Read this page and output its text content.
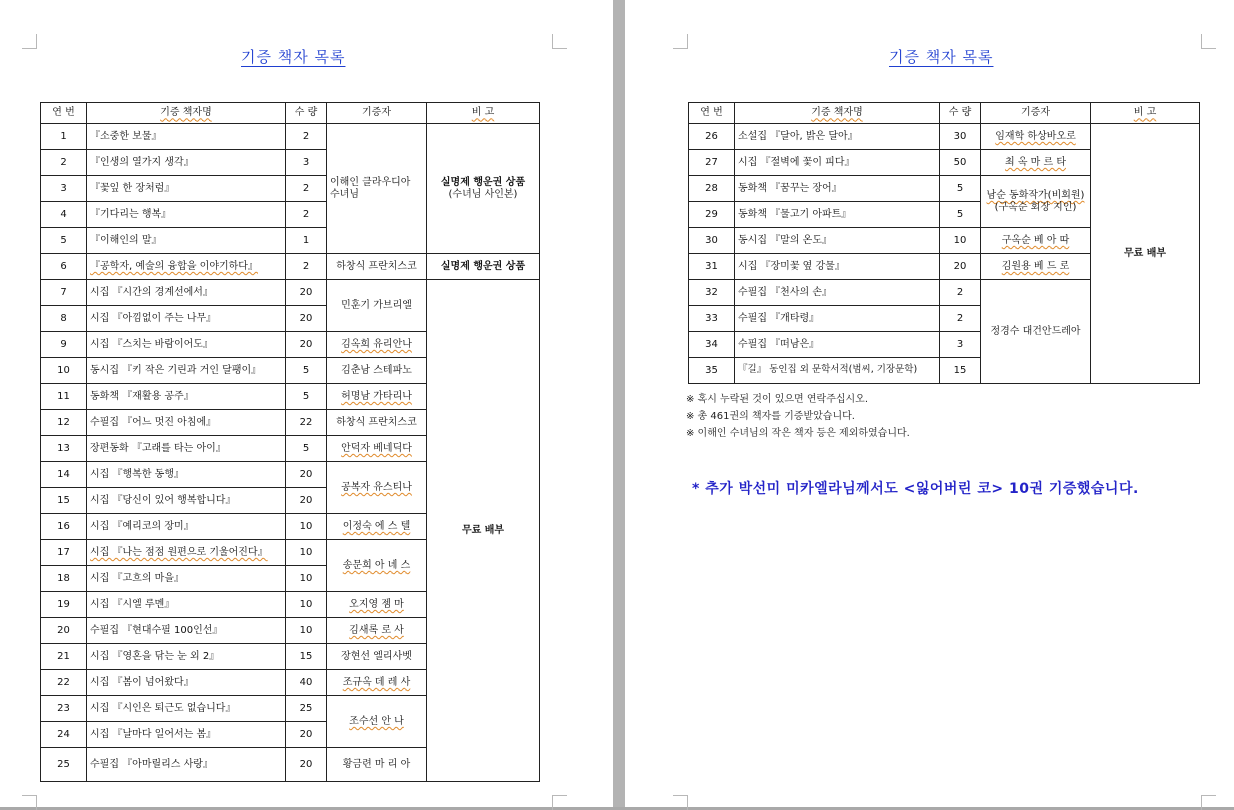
기증 책자 목록
연 번	기증 책자명	수 량	기증자	비 고
1	『소중한 보물』	2	이해인 클라우디아 수녀님	실명제 행운권 상품
(수녀님 사인본)

2	『인생의 열가지 생각』	3		
3	『꽃잎 한 장처럼』	2		
4	『기다리는 행복』	2		
5	『이해인의 말』	1		
6	『공학자, 예술의 융합을 이야기하다』	2	하창식 프란치스코	실명제 행운권 상품
7	시집 『시간의 경계선에서』	20	민훈기 가브리엘	무료 배부
8	시집 『아낌없이 주는 나무』	20		
9	시집 『스치는 바람이어도』	20	김옥희 유리안나	
10	동시집 『키 작은 기린과 거인 달팽이』	5	김춘남 스테파노	
11	동화책 『재활용 공주』	5	허명남 가타리나	
12	수필집 『어느 멋진 아침에』	22	하창식 프란치스코	
13	장편동화 『고래를 타는 아이』	5	안덕자 베네딕다	
14	시집 『행복한 동행』	20	공복자 유스티나	
15	시집 『당신이 있어 행복합니다』	20		
16	시집 『예리코의 장미』	10	이정숙 에 스 텔	
17	시집 『나는 점점 원편으로 기울어진다』	10	송문희 아 녜 스	
18	시집 『고흐의 마을』	10		
19	시집 『시엘 루멘』	10	오지영 젬 마	
20	수필집 『현대수필 100인선』	10	김새록 로 사	
21	시집 『영혼을 닦는 눈 외 2』	15	장현선 엘리사벳	
22	시집 『봄이 넘어왔다』	40	조규옥 데 레 사	
23	시집 『시인은 퇴근도 없습니다』	25	조수선 안 나	
24	시집 『날마다 일어서는 봄』	20		
25	수필집 『아마릴리스 사랑』	20	황금련 마 리 아	
기증 책자 목록
연 번	기증 책자명	수 량	기증자	비 고
26	소설집 『달아, 밝은 달아』	30	임재학 하상바오로	무료 배부
27	시집 『절벽에 꽃이 피다』	50	최 옥 마 르 타	
28	동화책 『꿈꾸는 장어』	5	남순 동화작가(비회원)
(구옥순 회장 지인)	

29	동화책 『물고기 아파트』	5		
30	동시집 『말의 온도』	10	구옥순 베 아 따	
31	시집 『장미꽃 옆 강물』	20	김원용 베 드 로	
32	수필집 『천사의 손』	2	정경수 대건안드레아	
33	수필집 『개타령』	2		
34	수필집 『떠남은』	3		
35	『길』 동인집 외 문학서적(범씨, 기장문학)	15		
※ 혹시 누락된 것이 있으면 연락주십시오.
※ 총 461권의 책자를 기증받았습니다.
※ 이해인 수녀님의 작은 책자 등은 제외하였습니다.
* 추가 박선미 미카엘라님께서도 <잃어버린 코> 10권 기증했습니다.
